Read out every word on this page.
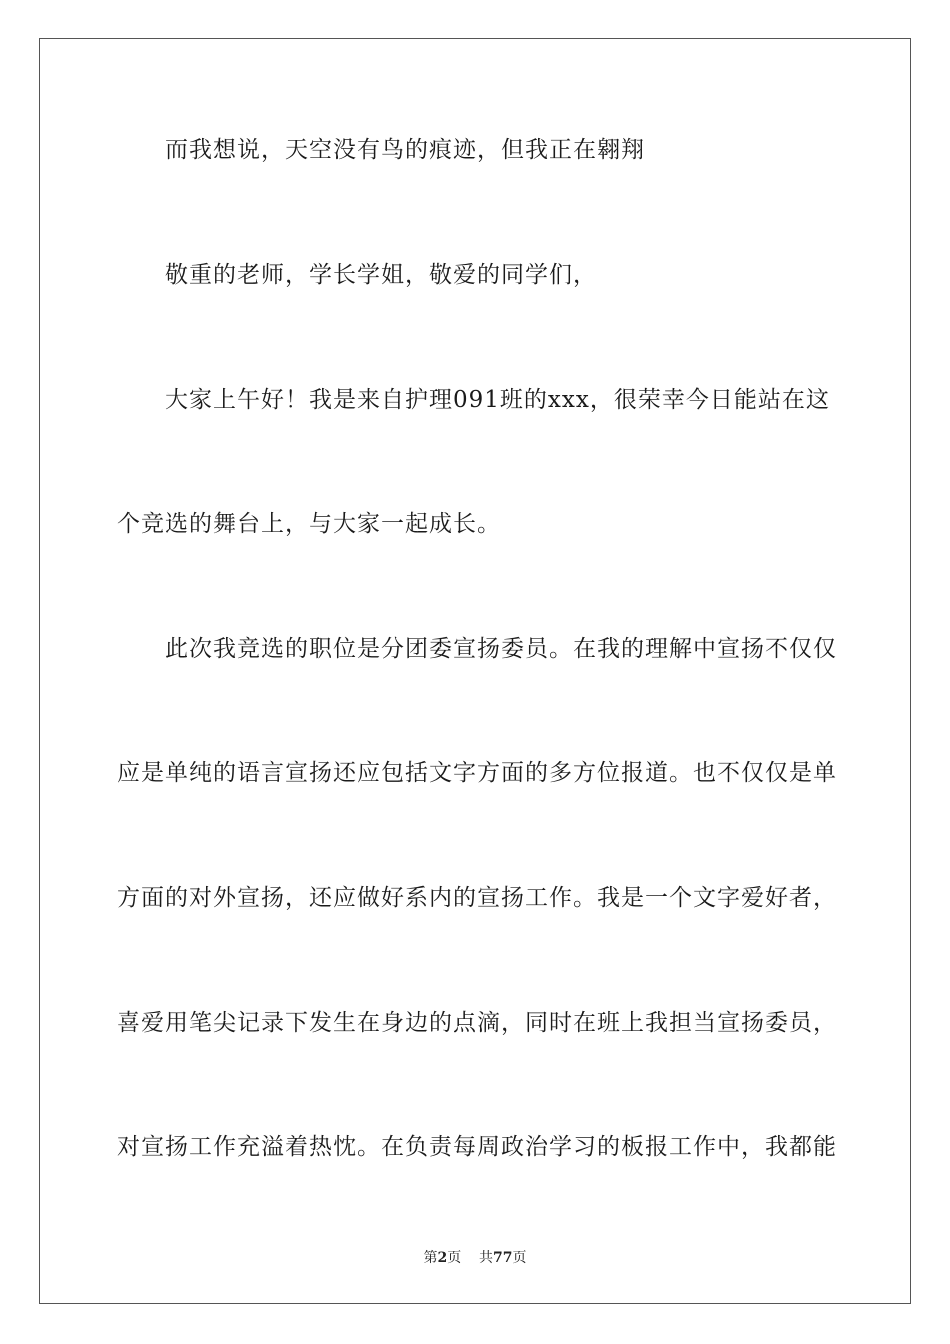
而我想说，天空没有鸟的痕迹，但我正在翱翔
敬重的老师，学长学姐，敬爱的同学们，
大家上午好！我是来自护理091班的xxx，很荣幸今日能站在这
个竞选的舞台上，与大家一起成长。
此次我竞选的职位是分团委宣扬委员。在我的理解中宣扬不仅仅
应是单纯的语言宣扬还应包括文字方面的多方位报道。也不仅仅是单
方面的对外宣扬，还应做好系内的宣扬工作。我是一个文字爱好者，
喜爱用笔尖记录下发生在身边的点滴，同时在班上我担当宣扬委员，
对宣扬工作充溢着热忱。在负责每周政治学习的板报工作中，我都能
第2页 共77页
